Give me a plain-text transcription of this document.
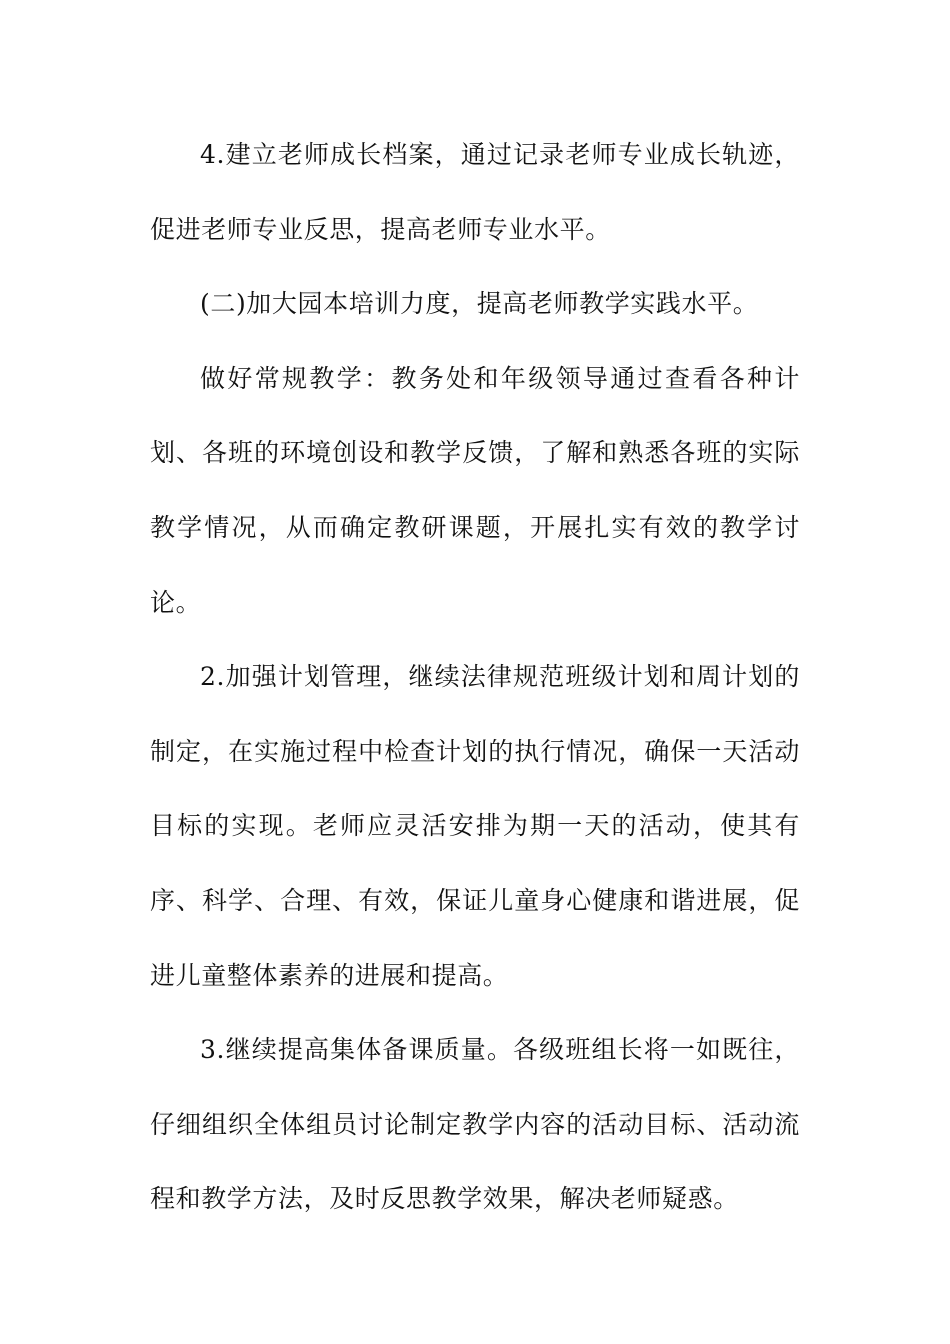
4.建立老师成长档案，通过记录老师专业成长轨迹，促进老师专业反思，提高老师专业水平。

(二)加大园本培训力度，提高老师教学实践水平。

做好常规教学：教务处和年级领导通过查看各种计划、各班的环境创设和教学反馈，了解和熟悉各班的实际教学情况，从而确定教研课题，开展扎实有效的教学讨论。

2.加强计划管理，继续法律规范班级计划和周计划的制定，在实施过程中检查计划的执行情况，确保一天活动目标的实现。老师应灵活安排为期一天的活动，使其有序、科学、合理、有效，保证儿童身心健康和谐进展，促进儿童整体素养的进展和提高。

3.继续提高集体备课质量。各级班组长将一如既往，仔细组织全体组员讨论制定教学内容的活动目标、活动流程和教学方法，及时反思教学效果，解决老师疑惑。
